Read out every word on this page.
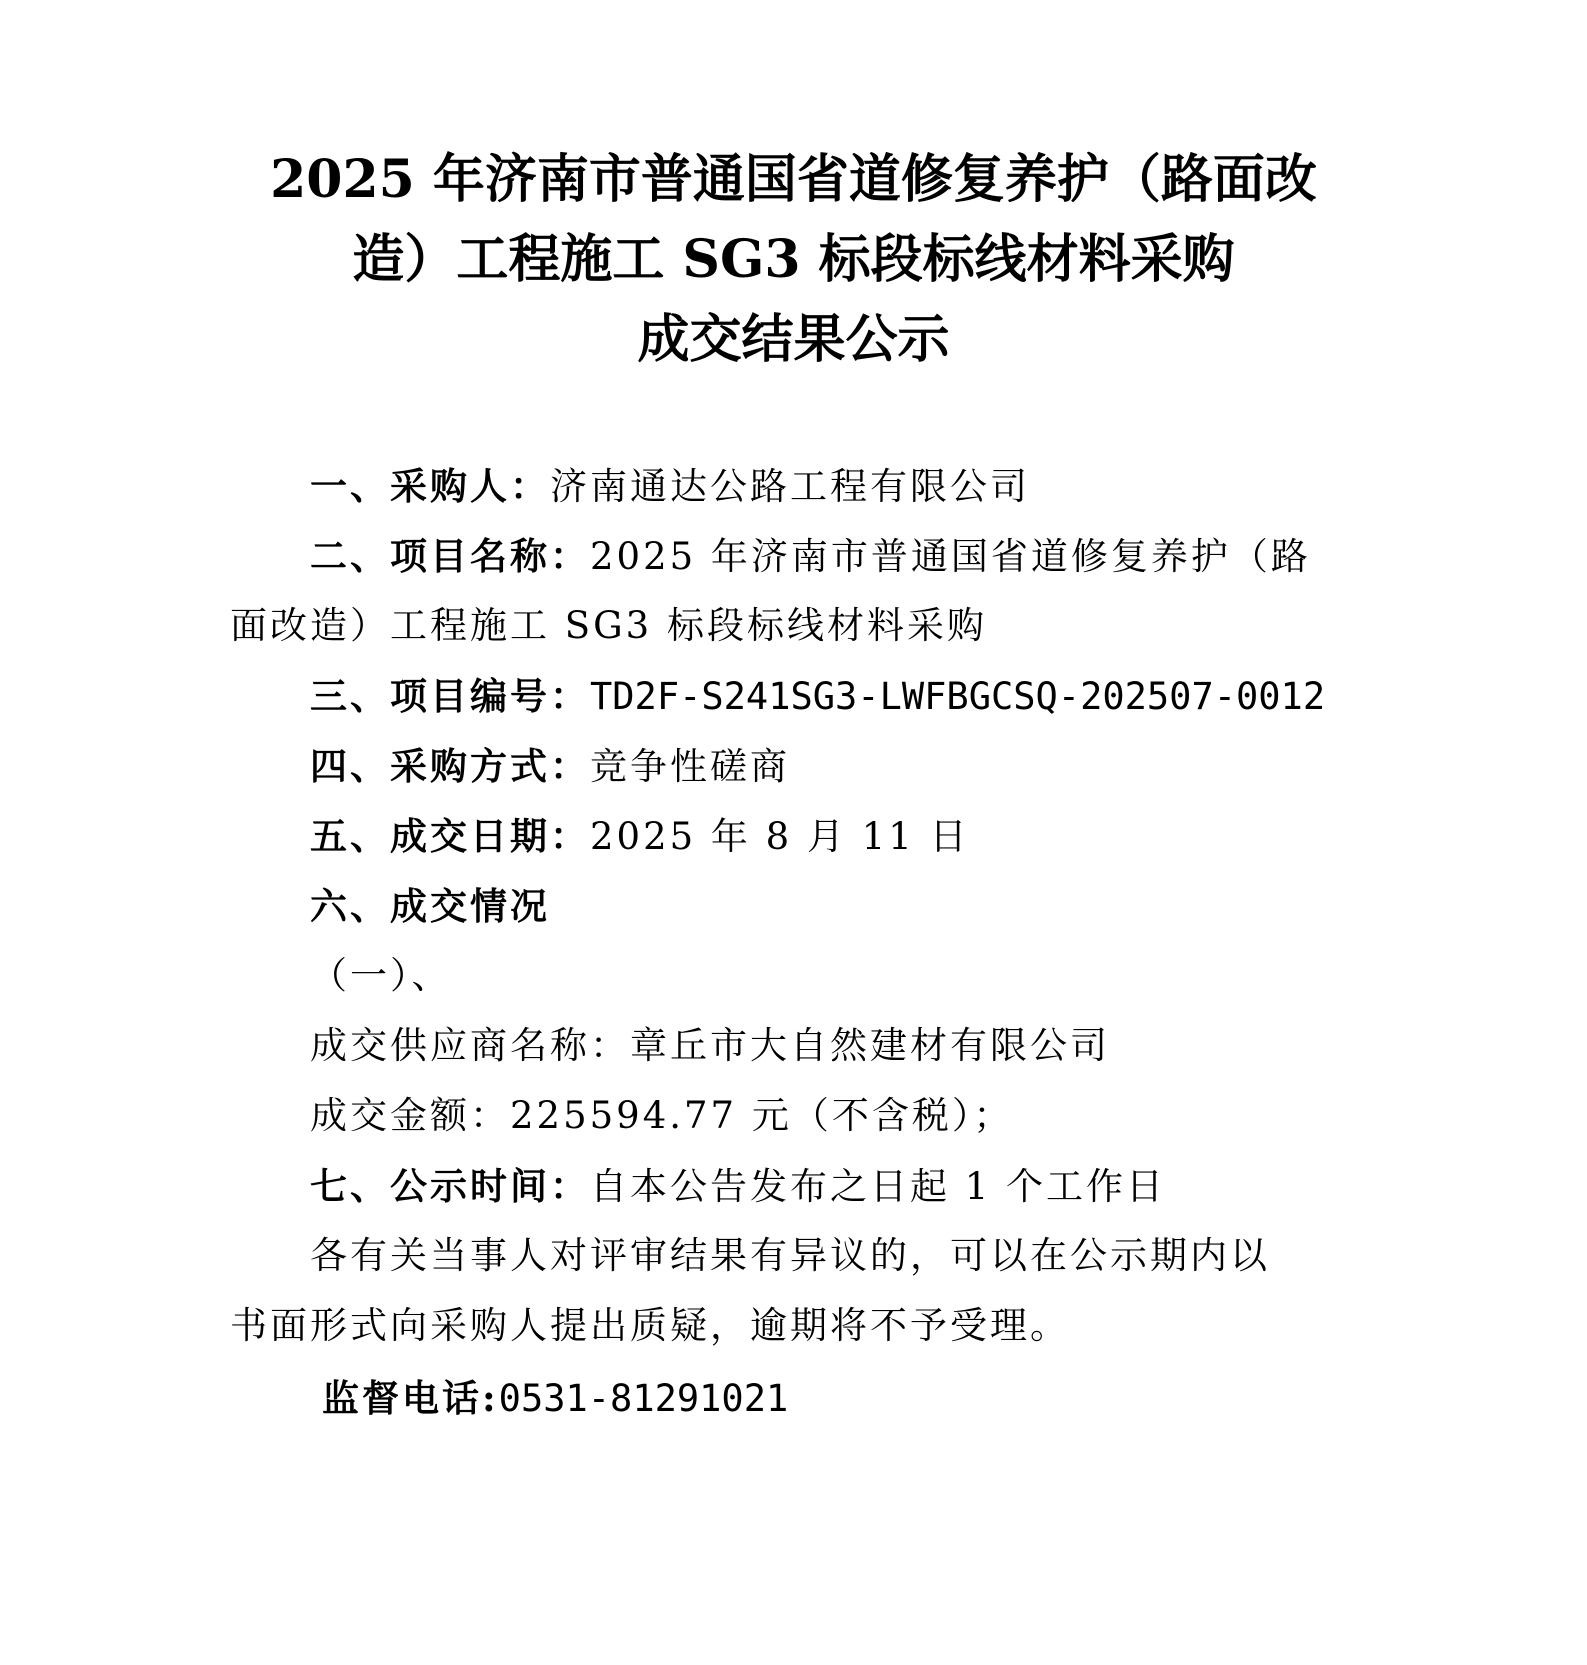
2025 年济南市普通国省道修复养护（路面改
造）工程施工 SG3 标段标线材料采购
成交结果公示
一、采购人：济南通达公路工程有限公司
二、项目名称：2025 年济南市普通国省道修复养护（路
面改造）工程施工 SG3 标段标线材料采购
三、项目编号：TD2F-S241SG3-LWFBGCSQ-202507-0012
四、采购方式：竞争性磋商
五、成交日期：2025 年 8 月 11 日
六、成交情况
（一）、
成交供应商名称：章丘市大自然建材有限公司
成交金额：225594.77 元（不含税）；
七、公示时间：自本公告发布之日起 1 个工作日
各有关当事人对评审结果有异议的，可以在公示期内以
书面形式向采购人提出质疑，逾期将不予受理。
监督电话:0531-81291021
